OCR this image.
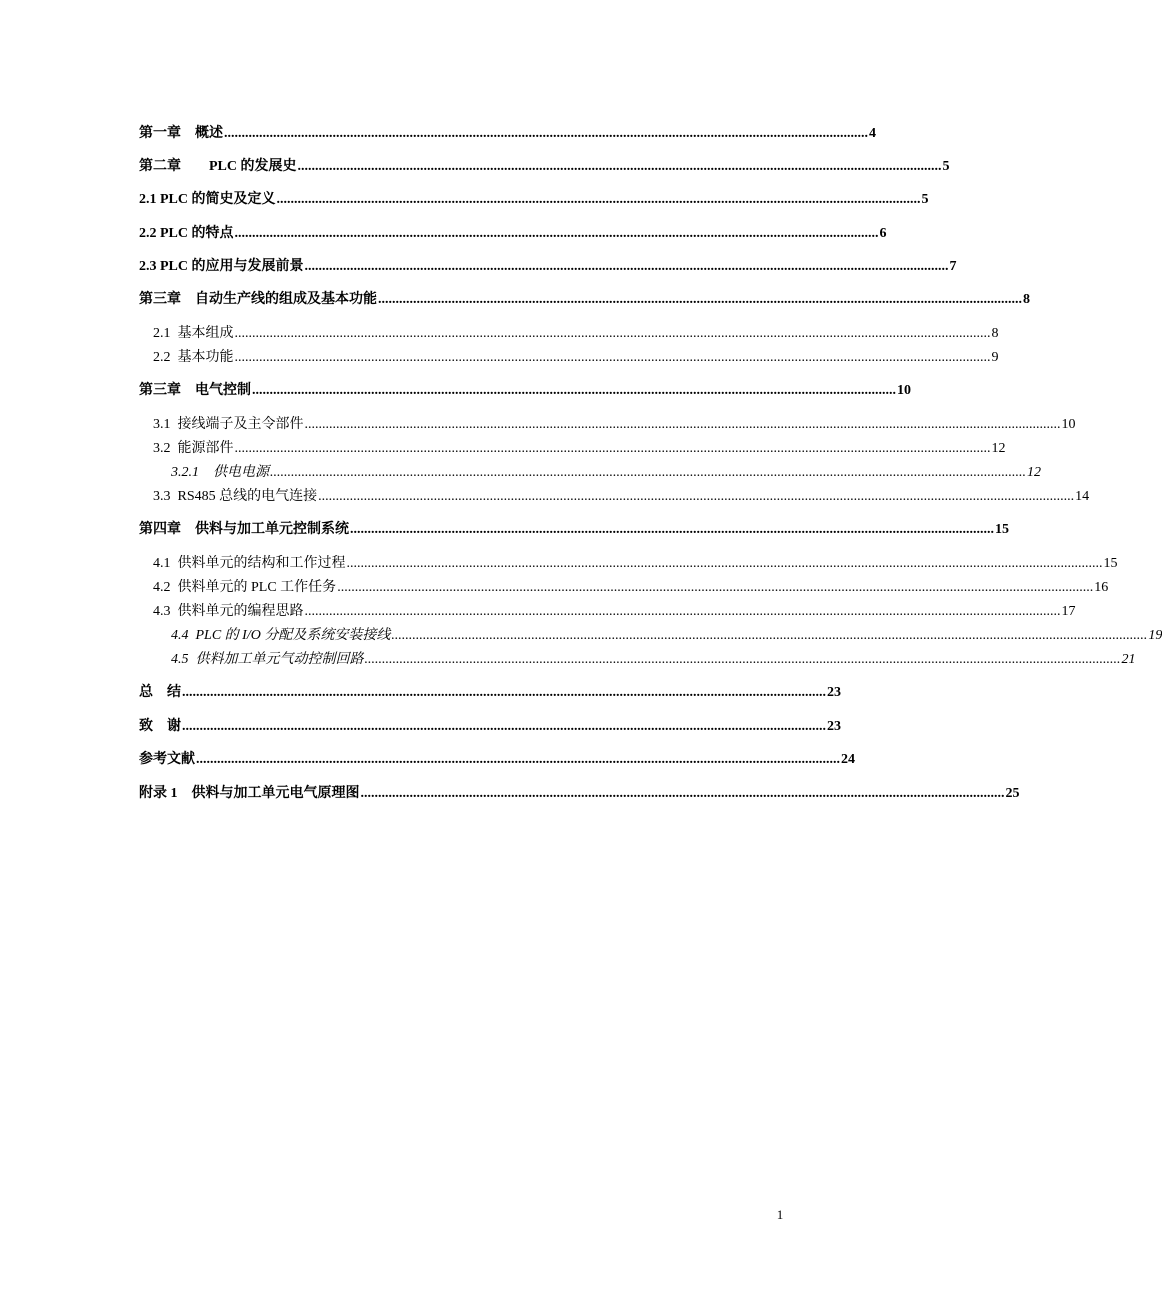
第一章　概述 ........................................................................................................................................................................................ 4
第二章　　PLC 的发展史 ........................................................................................................................................................................................ 5
2.1 PLC 的简史及定义 ........................................................................................................................................................................................ 5
2.2 PLC 的特点 ........................................................................................................................................................................................ 6
2.3 PLC 的应用与发展前景 ........................................................................................................................................................................................ 7
第三章　自动生产线的组成及基本功能 ........................................................................................................................................................................................ 8
2.1  基本组成 ........................................................................................................................................................................................................................ 8
2.2  基本功能 ........................................................................................................................................................................................................................ 9
第三章　电气控制 ........................................................................................................................................................................................ 10
3.1  接线端子及主令部件 ........................................................................................................................................................................................................................ 10
3.2  能源部件 ........................................................................................................................................................................................................................ 12
3.2.1　供电电源 ........................................................................................................................................................................................................................ 12
3.3  RS485 总线的电气连接 ........................................................................................................................................................................................................................ 14
第四章　供料与加工单元控制系统 ........................................................................................................................................................................................ 15
4.1  供料单元的结构和工作过程 ........................................................................................................................................................................................................................ 15
4.2  供料单元的 PLC 工作任务 ........................................................................................................................................................................................................................ 16
4.3  供料单元的编程思路 ........................................................................................................................................................................................................................ 17
4.4  PLC 的 I/O 分配及系统安装接线 ........................................................................................................................................................................................................................ 19
4.5  供料加工单元气动控制回路 ........................................................................................................................................................................................................................ 21
总　结 ........................................................................................................................................................................................ 23
致　谢 ........................................................................................................................................................................................ 23
参考文献 ........................................................................................................................................................................................ 24
附录 1　供料与加工单元电气原理图 ........................................................................................................................................................................................ 25
1
